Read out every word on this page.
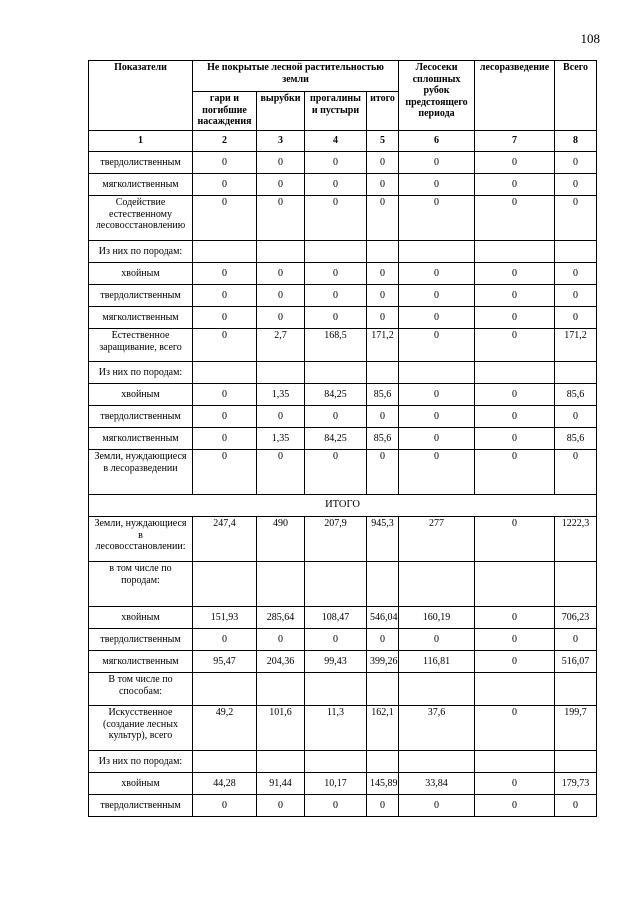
108
Показатели	Не покрытые лесной растительностью земли				Лесосеки сплошных рубок предстоящего периода	лесоразведение	Всего
	гари и погибшие насаждения	вырубки	прогалины и пустыри	итого			
1	2	3	4	5	6	7	8
твердолиственным	0	0	0	0	0	0	0
мягколиственным	0	0	0	0	0	0	0
Содействие естественному лесовосстановлению	0	0	0	0	0	0	0
Из них по породам:							
хвойным	0	0	0	0	0	0	0
твердолиственным	0	0	0	0	0	0	0
мягколиственным	0	0	0	0	0	0	0
Естественное заращивание, всего	0	2,7	168,5	171,2	0	0	171,2
Из них по породам:							
хвойным	0	1,35	84,25	85,6	0	0	85,6
твердолиственным	0	0	0	0	0	0	0
мягколиственным	0	1,35	84,25	85,6	0	0	85,6
Земли, нуждающиеся в лесоразведении	0	0	0	0	0	0	0
ИТОГО							
Земли, нуждающиеся в лесовосстановлении:	247,4	490	207,9	945,3	277	0	1222,3
в том числе по породам:							
хвойным	151,93	285,64	108,47	546,04	160,19	0	706,23
твердолиственным	0	0	0	0	0	0	0
мягколиственным	95,47	204,36	99,43	399,26	116,81	0	516,07
В том числе по способам:							
Искусственное (создание лесных культур), всего	49,2	101,6	11,3	162,1	37,6	0	199,7
Из них по породам:							
хвойным	44,28	91,44	10,17	145,89	33,84	0	179,73
твердолиственным	0	0	0	0	0	0	0
